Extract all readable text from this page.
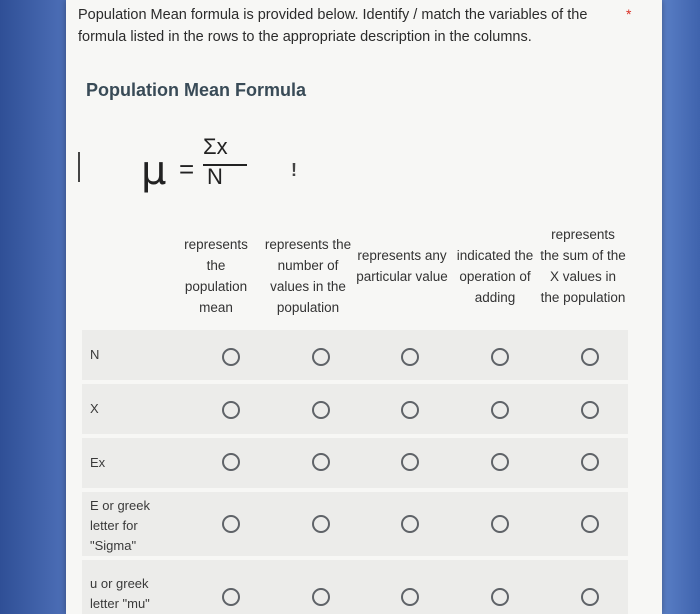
Population Mean formula is provided below. Identify / match the variables of the formula listed in the rows to the appropriate description in the columns.
*
Population Mean Formula
μ =
Σx
N	!
represents the population mean
represents the number of values in the population
represents any particular value
indicated the operation of adding
represents the sum of the X values in the population
N
X
Ex
E or greek letter for "Sigma"
u or greek letter "mu"
